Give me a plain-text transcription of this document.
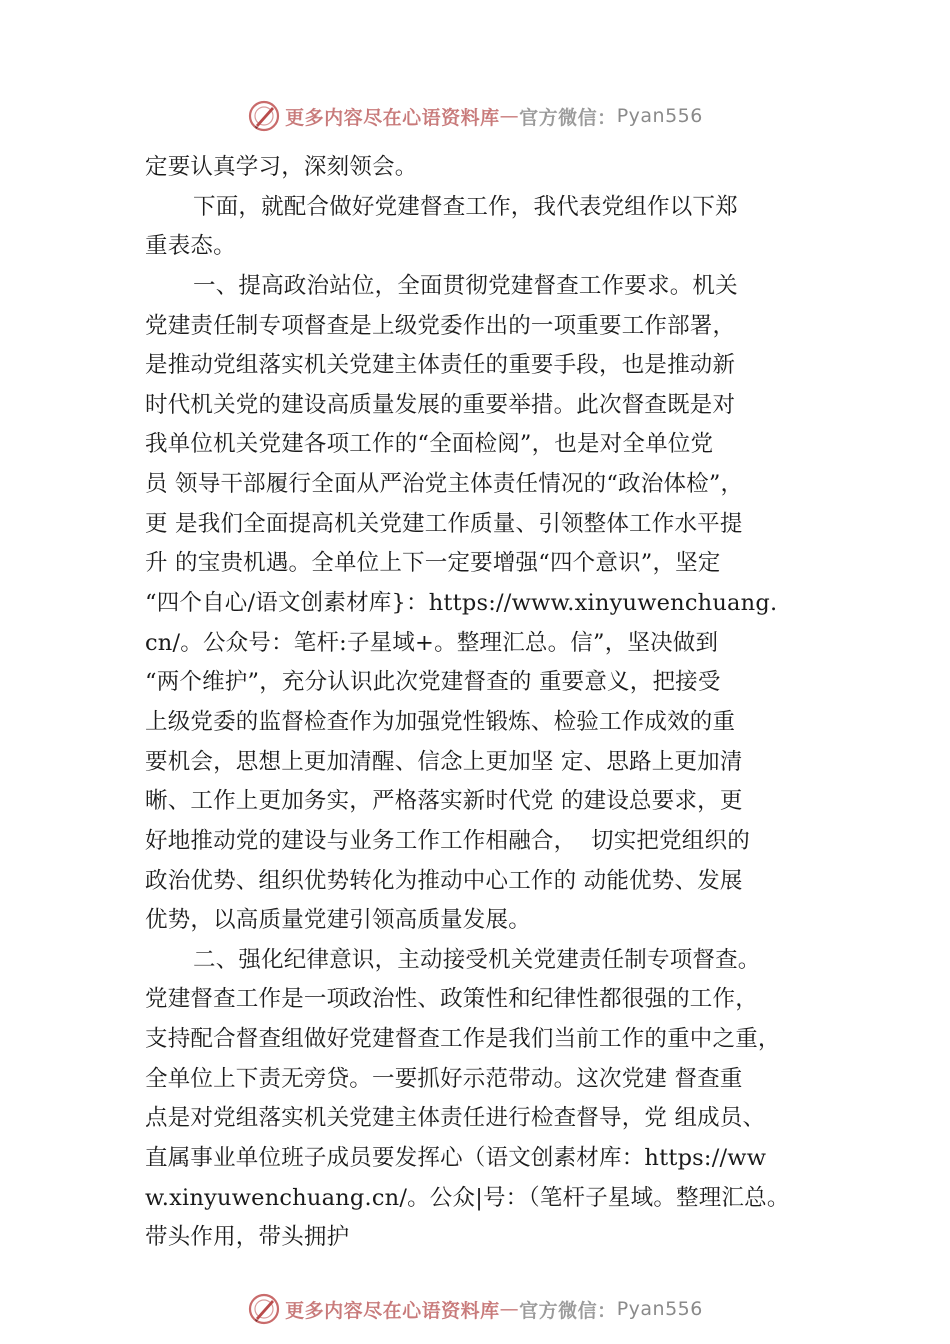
更多内容尽在心语资料库 — 官方微信： Pyan556
定要认真学习，深刻领会。
下面，就配合做好党建督查工作，我代表党组作以下郑
重表态。
一、提高政治站位，全面贯彻党建督查工作要求。机关
党建责任制专项督查是上级党委作出的一项重要工作部署，
是推动党组落实机关党建主体责任的重要手段，也是推动新
时代机关党的建设高质量发展的重要举措。此次督查既是对
我单位机关党建各项工作的“全面检阅”，也是对全单位党
员 领导干部履行全面从严治党主体责任情况的“政治体检”，
更 是我们全面提高机关党建工作质量、引领整体工作水平提
升 的宝贵机遇。全单位上下一定要增强“四个意识”，坚定
“四个自心/语文创素材库}：https://www.xinyuwenchuang.
cn/。公众号：笔杆:子星域+。整理汇总。信”，坚决做到
“两个维护”，充分认识此次党建督查的 重要意义，把接受
上级党委的监督检查作为加强党性锻炼、检验工作成效的重
要机会，思想上更加清醒、信念上更加坚 定、思路上更加清
晰、工作上更加务实，严格落实新时代党 的建设总要求，更
好地推动党的建设与业务工作工作相融合，  切实把党组织的
政治优势、组织优势转化为推动中心工作的 动能优势、发展
优势，以高质量党建引领高质量发展。
二、强化纪律意识，主动接受机关党建责任制专项督查。
党建督查工作是一项政治性、政策性和纪律性都很强的工作，
支持配合督查组做好党建督查工作是我们当前工作的重中之重，
全单位上下责无旁贷。一要抓好示范带动。这次党建 督查重
点是对党组落实机关党建主体责任进行检查督导，党 组成员、
直属事业单位班子成员要发挥心（语文创素材库：https://ww
w.xinyuwenchuang.cn/。公众|号：（笔杆子星域。整理汇总。
带头作用，带头拥护
更多内容尽在心语资料库 — 官方微信： Pyan556
